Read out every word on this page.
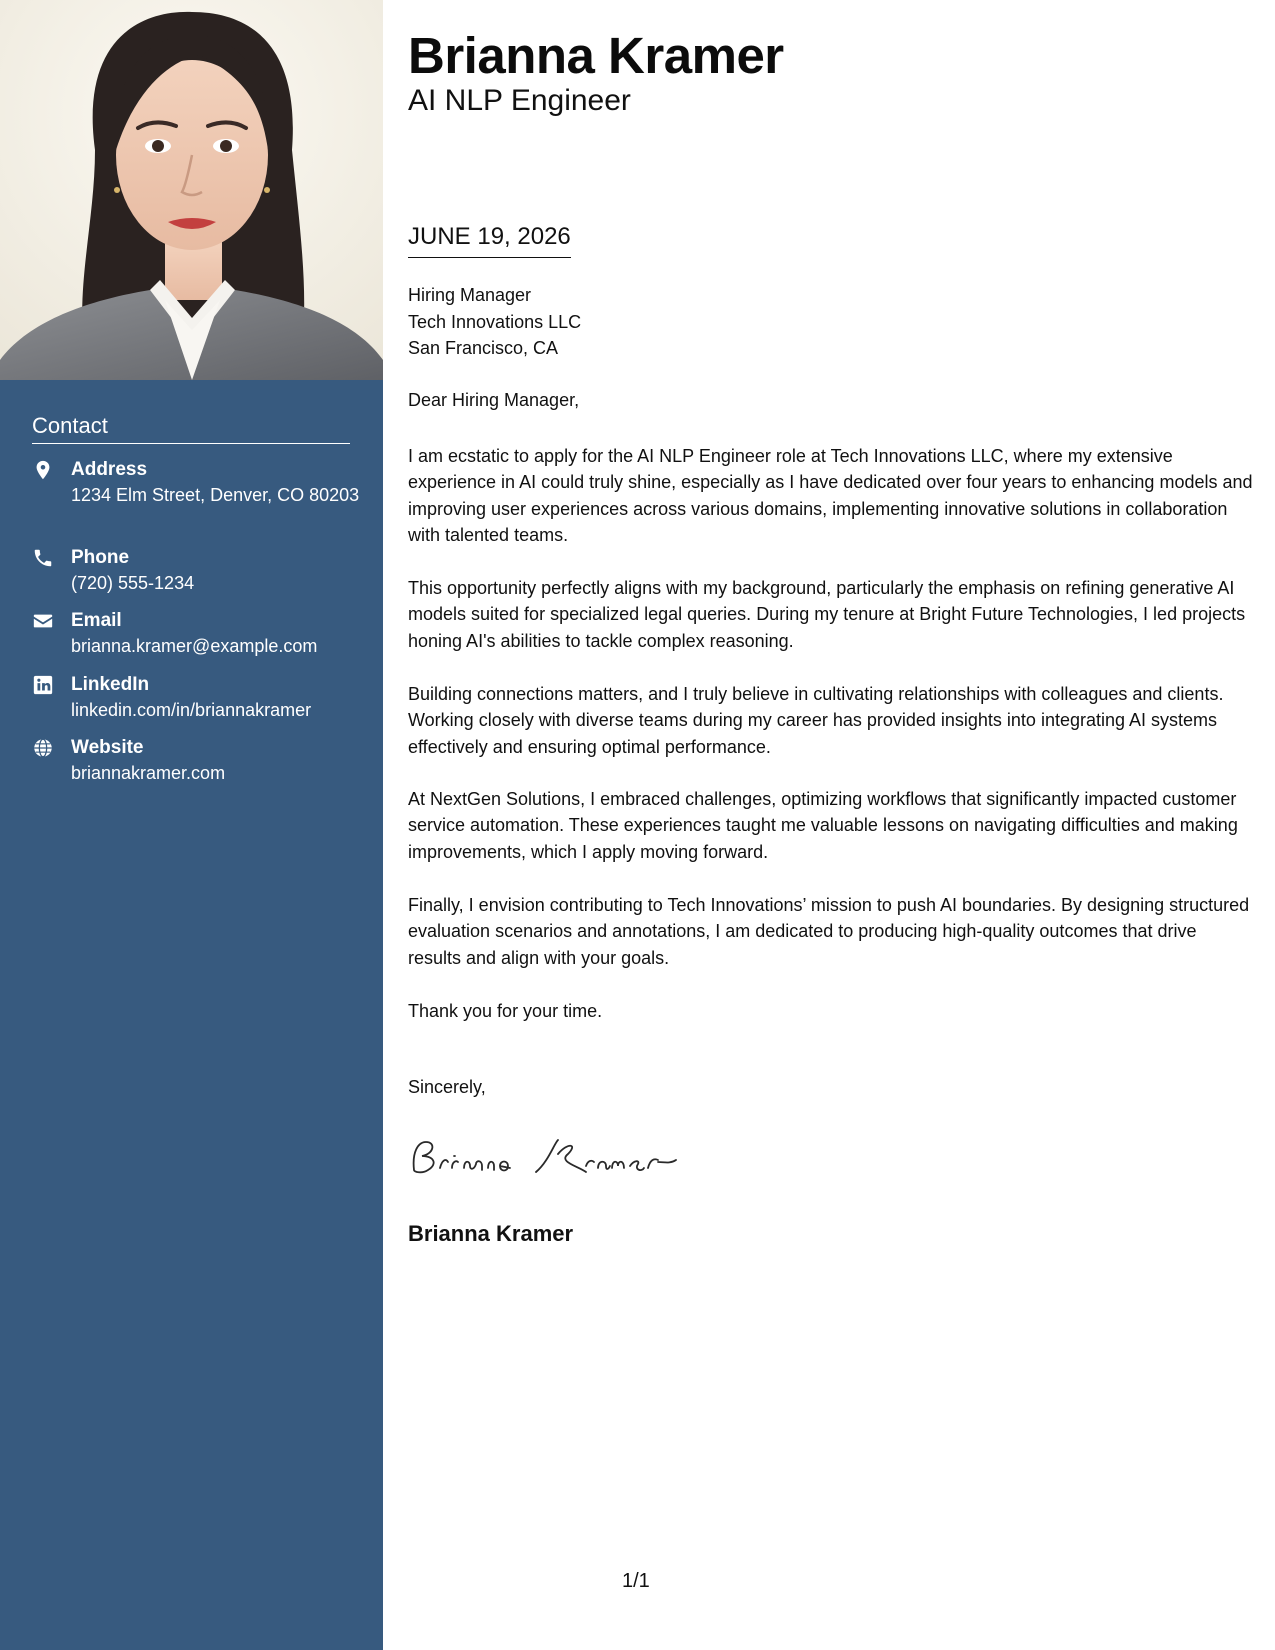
Contact
Address
1234 Elm Street, Denver, CO 80203
Phone
(720) 555-1234
Email
brianna.kramer@example.com
LinkedIn
linkedin.com/in/briannakramer
Website
briannakramer.com
Brianna Kramer
AI NLP Engineer
JUNE 19, 2026
Hiring Manager
Tech Innovations LLC
San Francisco, CA
Dear Hiring Manager,
I am ecstatic to apply for the AI NLP Engineer role at Tech Innovations LLC, where my extensive experience in AI could truly shine, especially as I have dedicated over four years to enhancing models and improving user experiences across various domains, implementing innovative solutions in collaboration with talented teams.
This opportunity perfectly aligns with my background, particularly the emphasis on refining generative AI models suited for specialized legal queries. During my tenure at Bright Future Technologies, I led projects honing AI's abilities to tackle complex reasoning.
Building connections matters, and I truly believe in cultivating relationships with colleagues and clients. Working closely with diverse teams during my career has provided insights into integrating AI systems effectively and ensuring optimal performance.
At NextGen Solutions, I embraced challenges, optimizing workflows that significantly impacted customer service automation. These experiences taught me valuable lessons on navigating difficulties and making improvements, which I apply moving forward.
Finally, I envision contributing to Tech Innovations’ mission to push AI boundaries. By designing structured evaluation scenarios and annotations, I am dedicated to producing high-quality outcomes that drive results and align with your goals.
Thank you for your time.
Sincerely,
Brianna Kramer
1/1
